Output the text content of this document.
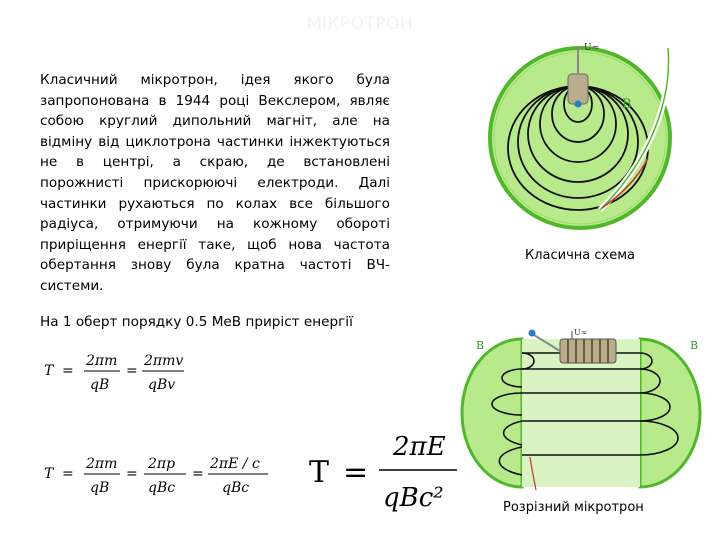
МІКРОТРОН
Класичний мікротрон, ідея якого була запропонована в 1944 році Векслером, являє собою круглий дипольний магніт, але на відміну від циклотрона частинки інжектуються не в центрі, а скраю, де встановлені порожнисті прискорюючі електроди. Далі частинки рухаються по колах все більшого радіуса, отримуючи на кожному обороті приріщення енергії таке, щоб нова частота обертання знову була кратна частоті ВЧ-системи.
На 1 оберт порядку 0.5 МеВ приріст енергії
T =
2πm
qB
=
2πmv
qBv
T =
2πm
qB
=
2πp
qBc
=
2πE / c
qBc T =
2πE
qBc²
U≈
B
Класична схема
U≈
B	B
Розрізний мікротрон
